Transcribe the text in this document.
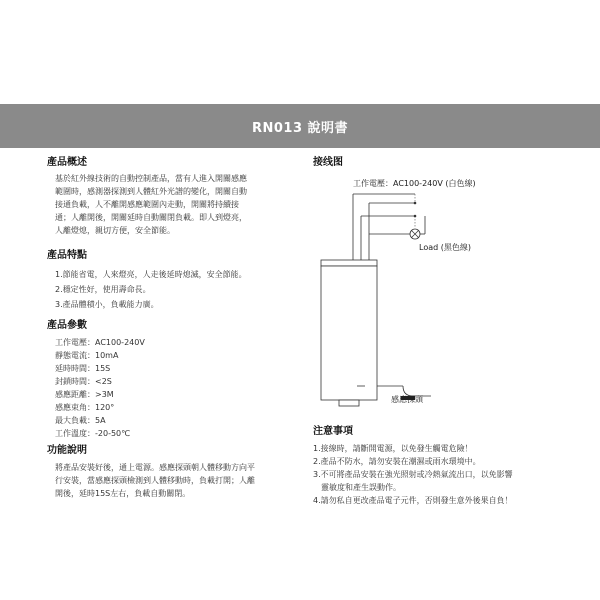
RN013 說明書
產品概述
基於紅外線技術的自動控制產品，當有人進入開關感應
範圍時，感測器探測到人體紅外光譜的變化，開關自動
接通負載，人不離開感應範圍內走動，開關將持續接
通；人離開後，開關延時自動關閉負載。即人到燈亮，
人離燈熄，親切方便，安全節能。
產品特點
1.節能省電，人來燈亮，人走後延時熄滅，安全節能。
2.穩定性好，使用壽命長。
3.產品體積小，負載能力廣。
產品參數
工作電壓：AC100-240V
靜態電流：10mA
延時時間：15S
封鎖時間：<2S
感應距離：>3M
感應束角：120°
最大負載：5A
工作溫度：-20-50℃
功能說明
將產品安裝好後，通上電源。感應探頭朝人體移動方向平
行安裝，當感應探頭檢測到人體移動時，負載打開；人離
開後，延時15S左右，負載自動關閉。
接线图
工作電壓：AC100-240V (白色線)
Load (黑色線)
感應探頭
注意事項
1.接線時，請斷開電源，以免發生觸電危險！
2.產品不防水，請勿安裝在潮濕或雨水環境中。
3.不可將產品安裝在強光照射或冷熱氣流出口，以免影響
靈敏度和產生誤動作。
4.請勿私自更改產品電子元件，否則發生意外後果自負！
